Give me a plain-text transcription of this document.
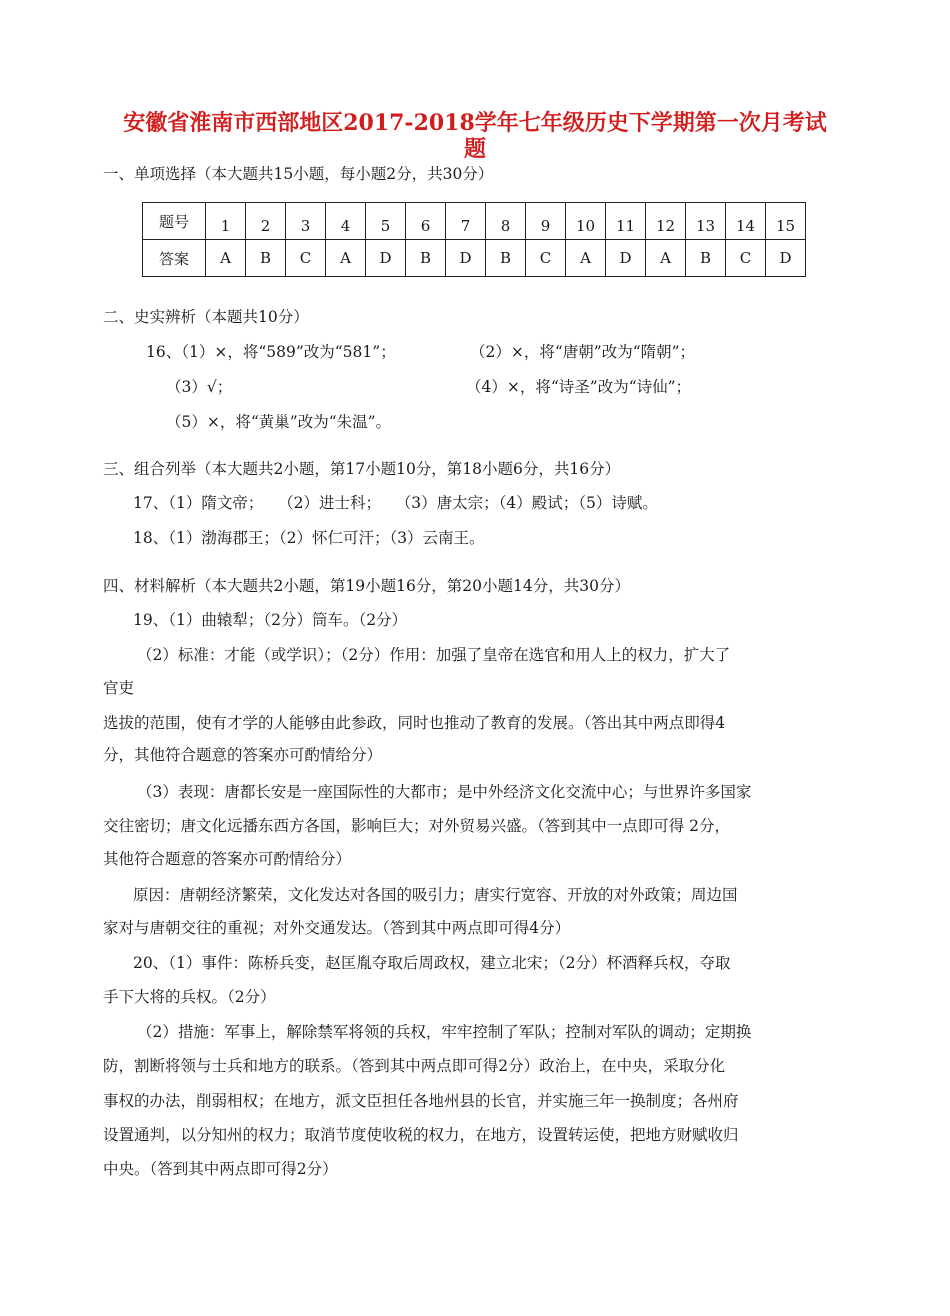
安徽省淮南市西部地区2017-2018学年七年级历史下学期第一次月考试
题
一、单项选择（本大题共15小题，每小题2分，共30分）
题号	1	2	3	4	5	6	7	8	9	10	11	12	13	14	15
答案	A	B	C	A	D	B	D	B	C	A	D	A	B	C	D
二、史实辨析（本题共10分）
16、（1）×，将“589”改为“581”；	（2）×，将“唐朝”改为“隋朝”；
（3）√；	（4）×，将“诗圣”改为“诗仙”；
（5）×，将“黄巢”改为“朱温”。
三、组合列举（本大题共2小题，第17小题10分，第18小题6分，共16分）
17、（1）隋文帝；   （2）进士科；   （3）唐太宗；（4）殿试；（5）诗赋。
18、（1）渤海郡王；（2）怀仁可汗；（3）云南王。
四、材料解析（本大题共2小题，第19小题16分，第20小题14分，共30分）
19、（1）曲辕犁；（2分）筒车。（2分）
（2）标准：才能（或学识）；（2分）作用：加强了皇帝在选官和用人上的权力，扩大了
官吏
选拔的范围，使有才学的人能够由此参政，同时也推动了教育的发展。（答出其中两点即得4
分，其他符合题意的答案亦可酌情给分）
（3）表现：唐都长安是一座国际性的大都市；是中外经济文化交流中心；与世界许多国家
交往密切；唐文化远播东西方各国，影响巨大；对外贸易兴盛。（答到其中一点即可得 2分，
其他符合题意的答案亦可酌情给分）
原因：唐朝经济繁荣，文化发达对各国的吸引力；唐实行宽容、开放的对外政策；周边国
家对与唐朝交往的重视；对外交通发达。（答到其中两点即可得4分）
20、（1）事件：陈桥兵变，赵匡胤夺取后周政权，建立北宋；（2分）杯酒释兵权，夺取
手下大将的兵权。（2分）
（2）措施：军事上，解除禁军将领的兵权，牢牢控制了军队；控制对军队的调动；定期换
防，割断将领与士兵和地方的联系。（答到其中两点即可得2分）政治上，在中央，采取分化
事权的办法，削弱相权；在地方，派文臣担任各地州县的长官，并实施三年一换制度；各州府
设置通判，以分知州的权力；取消节度使收税的权力，在地方，设置转运使，把地方财赋收归
中央。（答到其中两点即可得2分）
